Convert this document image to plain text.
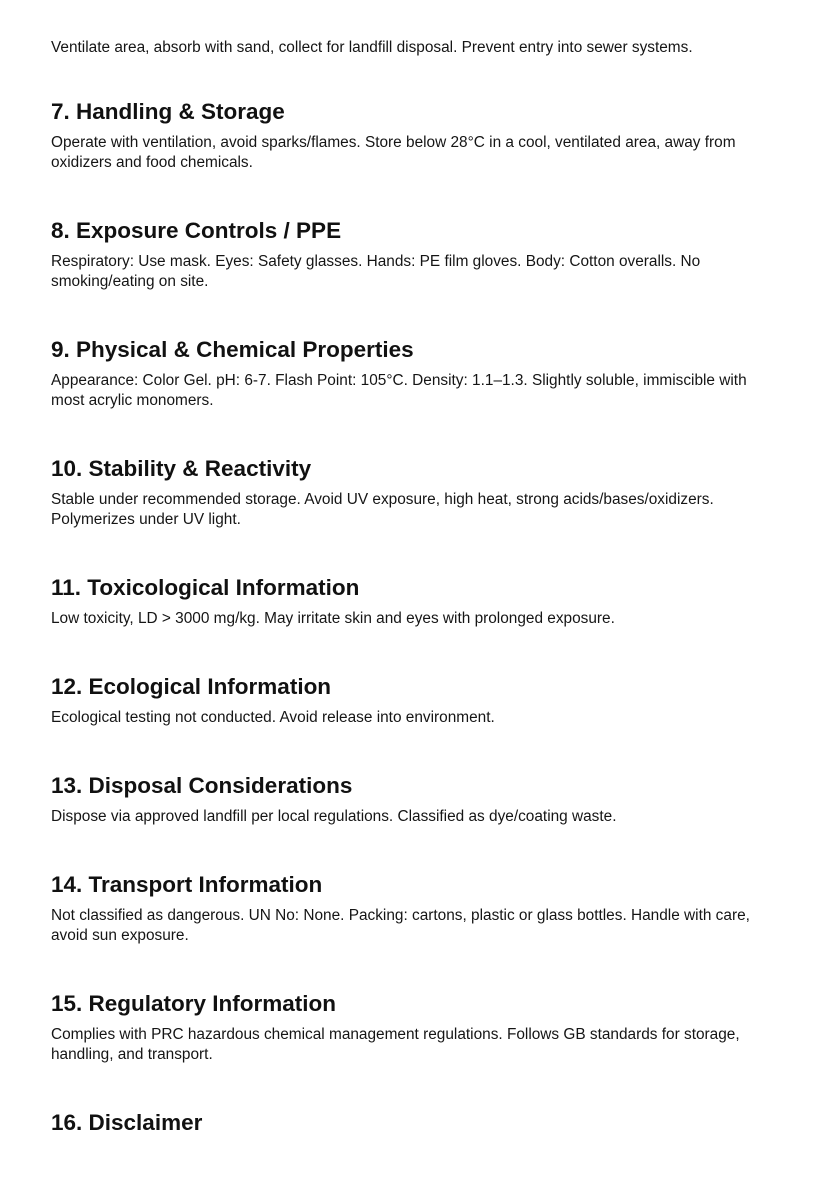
Ventilate area, absorb with sand, collect for landfill disposal. Prevent entry into sewer systems.

7. Handling & Storage

Operate with ventilation, avoid sparks/flames. Store below 28°C in a cool, ventilated area, away from oxidizers and food chemicals.

8. Exposure Controls / PPE

Respiratory: Use mask. Eyes: Safety glasses. Hands: PE film gloves. Body: Cotton overalls. No smoking/eating on site.

9. Physical & Chemical Properties

Appearance: Color Gel. pH: 6-7. Flash Point: 105°C. Density: 1.1–1.3. Slightly soluble, immiscible with most acrylic monomers.

10. Stability & Reactivity

Stable under recommended storage. Avoid UV exposure, high heat, strong acids/bases/oxidizers. Polymerizes under UV light.

11. Toxicological Information

Low toxicity, LD > 3000 mg/kg. May irritate skin and eyes with prolonged exposure.

12. Ecological Information

Ecological testing not conducted. Avoid release into environment.

13. Disposal Considerations

Dispose via approved landfill per local regulations. Classified as dye/coating waste.

14. Transport Information

Not classified as dangerous. UN No: None. Packing: cartons, plastic or glass bottles. Handle with care, avoid sun exposure.

15. Regulatory Information

Complies with PRC hazardous chemical management regulations. Follows GB standards for storage, handling, and transport.

16. Disclaimer
